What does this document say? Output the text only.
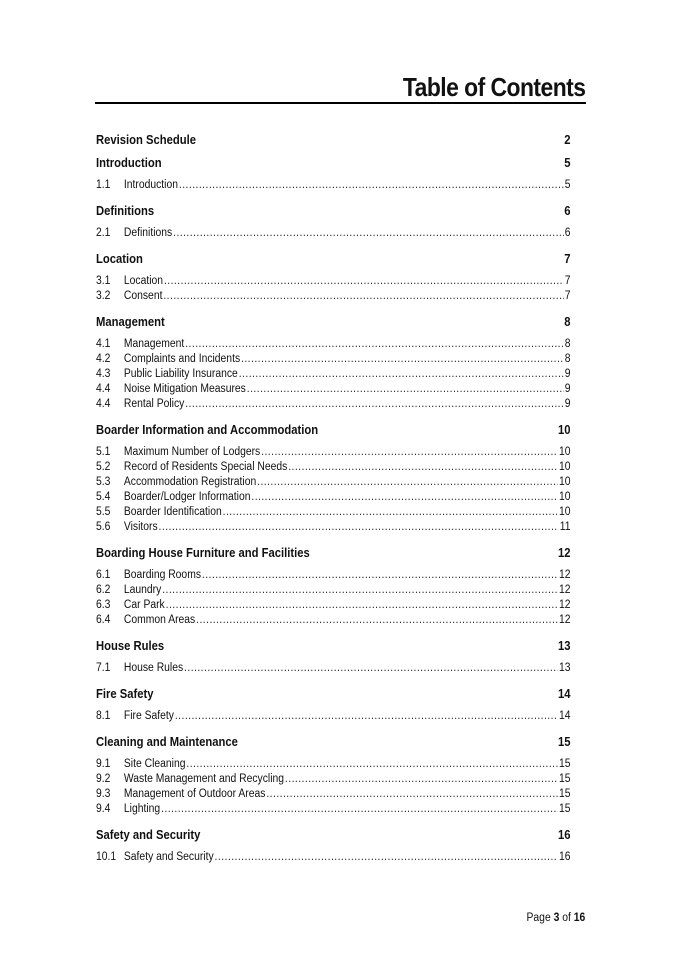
Table of Contents
Revision Schedule	2
Introduction	5
1.1	Introduction .....	5
Definitions	6
2.1	Definitions .....	6
Location	7
3.1	Location .....	7
3.2	Consent .....	7
Management	8
4.1	Management .....	8
4.2	Complaints and Incidents .....	8
4.3	Public Liability Insurance .....	9
4.4	Noise Mitigation Measures .....	9
4.4	Rental Policy .....	9
Boarder Information and Accommodation	10
5.1	Maximum Number of Lodgers .....	10
5.2	Record of Residents Special Needs .....	10
5.3	Accommodation Registration .....	10
5.4	Boarder/Lodger Information .....	10
5.5	Boarder Identification .....	10
5.6	Visitors .....	11
Boarding House Furniture and Facilities	12
6.1	Boarding Rooms .....	12
6.2	Laundry .....	12
6.3	Car Park .....	12
6.4	Common Areas .....	12
House Rules	13
7.1	House Rules .....	13
Fire Safety	14
8.1	Fire Safety .....	14
Cleaning and Maintenance	15
9.1	Site Cleaning .....	15
9.2	Waste Management and Recycling .....	15
9.3	Management of Outdoor Areas .....	15
9.4	Lighting .....	15
Safety and Security	16
10.1 Safety and Security .....	16
Page 3 of 16
